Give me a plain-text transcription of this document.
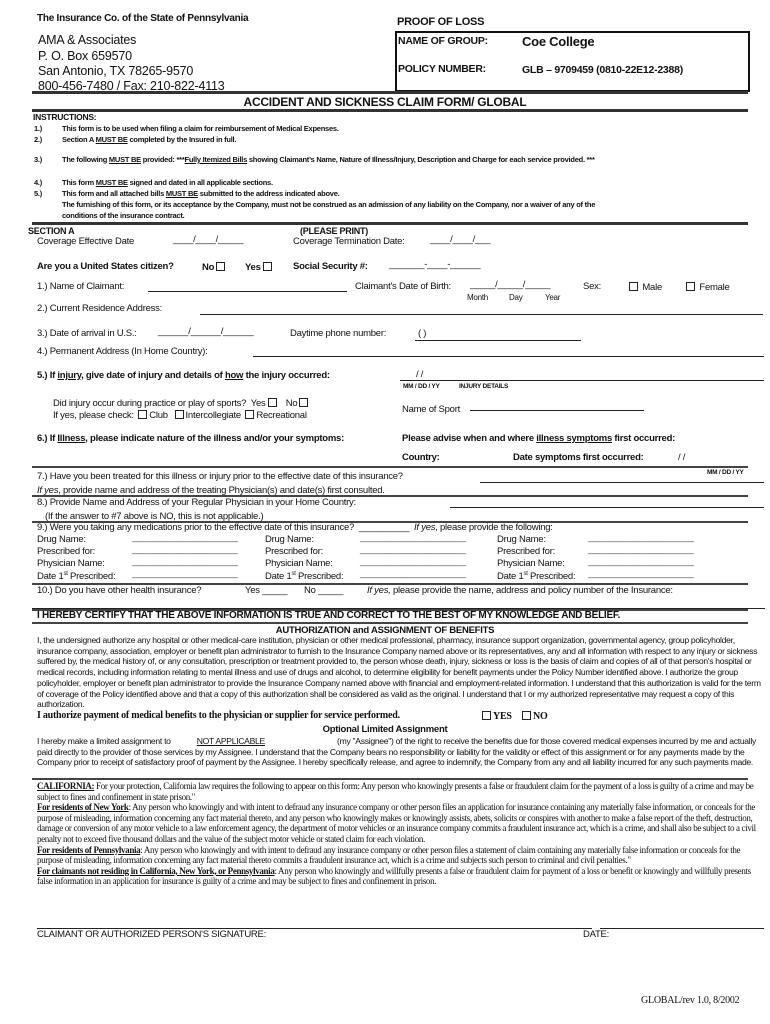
The Insurance Co. of the State of Pennsylvania
AMA & Associates
P. O. Box 659570
San Antonio, TX 78265-9570
800-456-7480 / Fax: 210-822-4113
PROOF OF LOSS
NAME OF GROUP:	Coe College
POLICY NUMBER:	GLB – 9709459 (0810-22E12-2388)
ACCIDENT AND SICKNESS CLAIM FORM/ GLOBAL
INSTRUCTIONS:
1.)	This form is to be used when filing a claim for reimbursement of Medical Expenses.
2.)	Section A MUST BE completed by the Insured in full.
3.)	The following MUST BE provided: ***Fully Itemized Bills showing Claimant’s Name, Nature of Illness/Injury, Description and Charge for each service provided. ***
4.)	This form MUST BE signed and dated in all applicable sections.
5.)	This form and all attached bills MUST BE submitted to the address indicated above.
The furnishing of this form, or its acceptance by the Company, must not be construed as an admission of any liability on the Company, nor a waiver of any of the
conditions of the insurance contract.
SECTION A	(PLEASE PRINT)
Coverage Effective Date	____/____/_____	Coverage Termination Date:	____/____/___
Are you a United States citizen?	No	Yes	Social Security #: _______-____-______
1.) Name of Claimant:	Claimant's Date of Birth: _____/_____/_____
Month	Day	Year
Sex:	Male	Female
2.) Current Residence Address:
3.) Date of arrival in U.S.: ______/______/______	Daytime phone number:	( )
4.) Permanent Address (In Home Country):
5.) If injury, give date of injury and details of how the injury occurred:	/ /
MM / DD / YY	INJURY DETAILS
Did injury occur during practice or play of sports? Yes No
If yes, please check: Club Intercollegiate Recreational
Name of Sport
6.) If Illness, please indicate nature of the illness and/or your symptoms:	Please advise when and where illness symptoms first occurred:
Country:	Date symptoms first occurred:	/ /
7.) Have you been treated for this illness or injury prior to the effective date of this insurance?	MM / DD / YY
If yes, provide name and address of the treating Physician(s) and date(s) first consulted.
8.) Provide Name and Address of your Regular Physician in your Home Country:
(If the answer to #7 above is NO, this is not applicable.)
9.) Were you taking any medications prior to the effective date of this insurance? __________ If yes, please provide the following:
Drug Name:	_____________________	Drug Name:	_____________________	Drug Name:	_____________________
Prescribed for:	_____________________	Prescribed for:	_____________________	Prescribed for:	_____________________
Physician Name:	_____________________	Physician Name:	_____________________	Physician Name: _____________________
Date 1st Prescribed: _____________________	Date 1st Prescribed: _____________________	Date 1st Prescribed: _____________________
10.) Do you have other health insurance?	Yes _____ No _____	If yes, please provide the name, address and policy number of the Insurance:
I HEREBY CERTIFY THAT THE ABOVE INFORMATION IS TRUE AND CORRECT TO THE BEST OF MY KNOWLEDGE AND BELIEF.
AUTHORIZATION and ASSIGNMENT OF BENEFITS
I, the undersigned authorize any hospital or other medical-care institution, physician or other medical professional, pharmacy, insurance support organization, governmental agency, group policyholder, insurance company, association, employer or benefit plan administrator to furnish to the Insurance Company named above or its representatives, any and all information with respect to any injury or sickness suffered by, the medical history of, or any consultation, prescription or treatment provided to, the person whose death, injury, sickness or loss is the basis of claim and copies of all of that person's hospital or medical records, including information relating to mental illness and use of drugs and alcohol, to determine eligibility for benefit payments under the Policy Number identified above. I authorize the group policyholder, employer or benefit plan administrator to provide the Insurance Company named above with financial and employment-related information. I understand that this authorization is valid for the term of coverage of the Policy identified above and that a copy of this authorization shall be considered as valid as the original. I understand that I or my authorized representative may request a copy of this authorization.
I authorize payment of medical benefits to the physician or supplier for service performed.	YES	NO
Optional Limited Assignment
I hereby make a limited assignment to	NOT APPLICABLE	(my "Assignee") of the right to receive the benefits due for those covered medical expenses incurred by me and actually paid directly to the provider of those services by my Assignee. I understand that the Company bears no responsibility or liability for the validity or effect of this assignment or for any payments made by the Company prior to receipt of satisfactory proof of payment by the Assignee. I hereby specifically release, and agree to indemnify, the Company from any and all liability incurred for any such payments made.
CALIFORNIA: For your protection, California law requires the following to appear on this form: Any person who knowingly presents a false or fraudulent claim for the payment of a loss is guilty of a crime and may be subject to fines and confinement in state prison."
For residents of New York: Any person who knowingly and with intent to defraud any insurance company or other person files an application for insurance containing any materially false information, or conceals for the purpose of misleading, information concerning any fact material thereto, and any person who knowingly makes or knowingly assists, abets, solicits or conspires with another to make a false report of the theft, destruction, damage or conversion of any motor vehicle to a law enforcement agency, the department of motor vehicles or an insurance company commits a fraudulent insurance act, which is a crime, and shall also be subject to a civil penalty not to exceed five thousand dollars and the value of the subject motor vehicle or stated claim for each violation.
For residents of Pennsylvania: Any person who knowingly and with intent to defraud any insurance company or other person files a statement of claim containing any materially false information or conceals for the purpose of misleading, information concerning any fact material thereto commits a fraudulent insurance act, which is a crime and subjects such person to criminal and civil penalties."
For claimants not residing in California, New York, or Pennsylvania: Any person who knowingly and willfully presents a false or fraudulent claim for payment of a loss or benefit or knowingly and willfully presents false information in an application for insurance is guilty of a crime and may be subject to fines and confinement in prison.
CLAIMANT OR AUTHORIZED PERSON'S SIGNATURE:	DATE:
GLOBAL/rev 1.0, 8/2002
